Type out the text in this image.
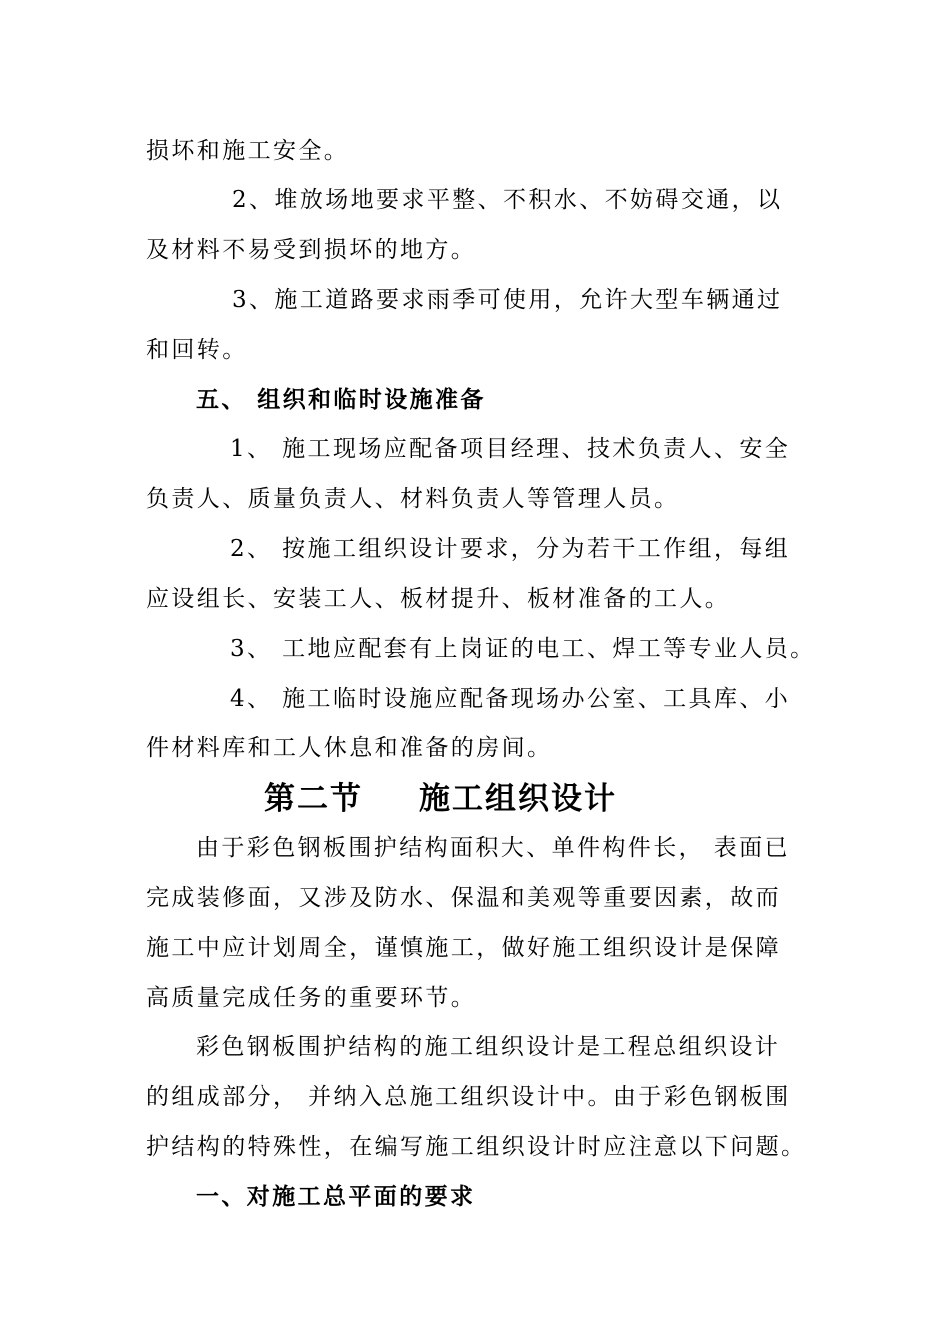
损坏和施工安全。
2、堆放场地要求平整、不积水、不妨碍交通，以
及材料不易受到损坏的地方。
3、施工道路要求雨季可使用，允许大型车辆通过
和回转。
五、 组织和临时设施准备
1、 施工现场应配备项目经理、技术负责人、安全
负责人、质量负责人、材料负责人等管理人员。
2、 按施工组织设计要求，分为若干工作组，每组
应设组长、安装工人、板材提升、板材准备的工人。
3、 工地应配套有上岗证的电工、焊工等专业人员。
4、 施工临时设施应配备现场办公室、工具库、小
件材料库和工人休息和准备的房间。
第二节 施工组织设计
由于彩色钢板围护结构面积大、单件构件长， 表面已
完成装修面，又涉及防水、保温和美观等重要因素，故而
施工中应计划周全，谨慎施工，做好施工组织设计是保障
高质量完成任务的重要环节。
彩色钢板围护结构的施工组织设计是工程总组织设计
的组成部分， 并纳入总施工组织设计中。由于彩色钢板围
护结构的特殊性，在编写施工组织设计时应注意以下问题。
一、对施工总平面的要求
